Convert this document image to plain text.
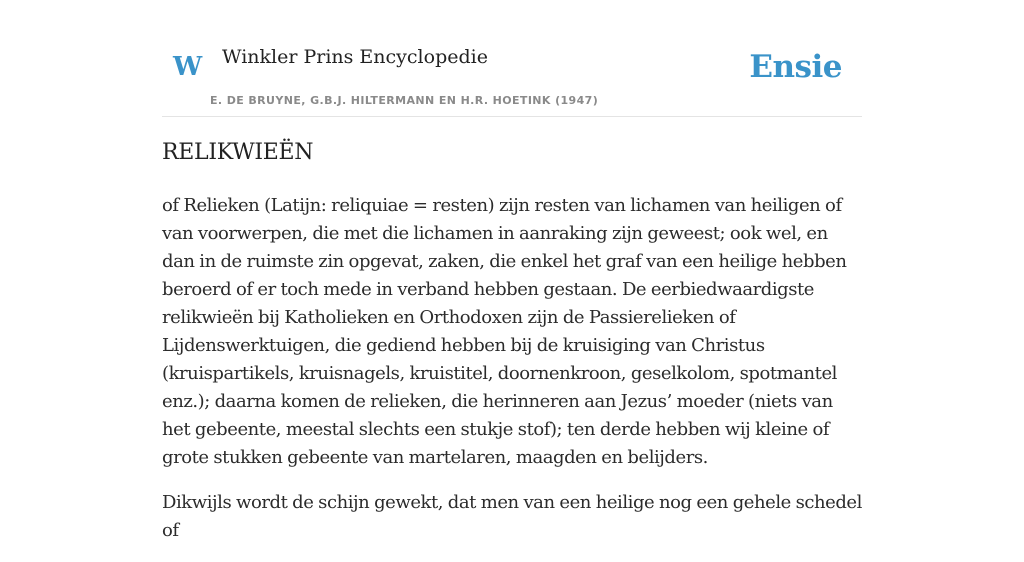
W Winkler Prins Encyclopedie
E. DE BRUYNE, G.B.J. HILTERMANN EN H.R. HOETINK (1947)
Ensie
RELIKWIEËN

of Relieken (Latijn: reliquiae = resten) zijn resten van lichamen van heiligen of van voorwerpen, die met die lichamen in aanraking zijn geweest; ook wel, en dan in de ruimste zin opgevat, zaken, die enkel het graf van een heilige hebben beroerd of er toch mede in verband hebben gestaan. De eerbiedwaardigste relikwieën bij Katholieken en Orthodoxen zijn de Passierelieken of Lijdenswerktuigen, die gediend hebben bij de kruisiging van Christus (kruispartikels, kruisnagels, kruistitel, doornenkroon, geselkolom, spotmantel enz.); daarna komen de relieken, die herinneren aan Jezus’ moeder (niets van het gebeente, meestal slechts een stukje stof); ten derde hebben wij kleine of grote stukken gebeente van martelaren, maagden en belijders.

Dikwijls wordt de schijn gewekt, dat men van een heilige nog een gehele schedel of
